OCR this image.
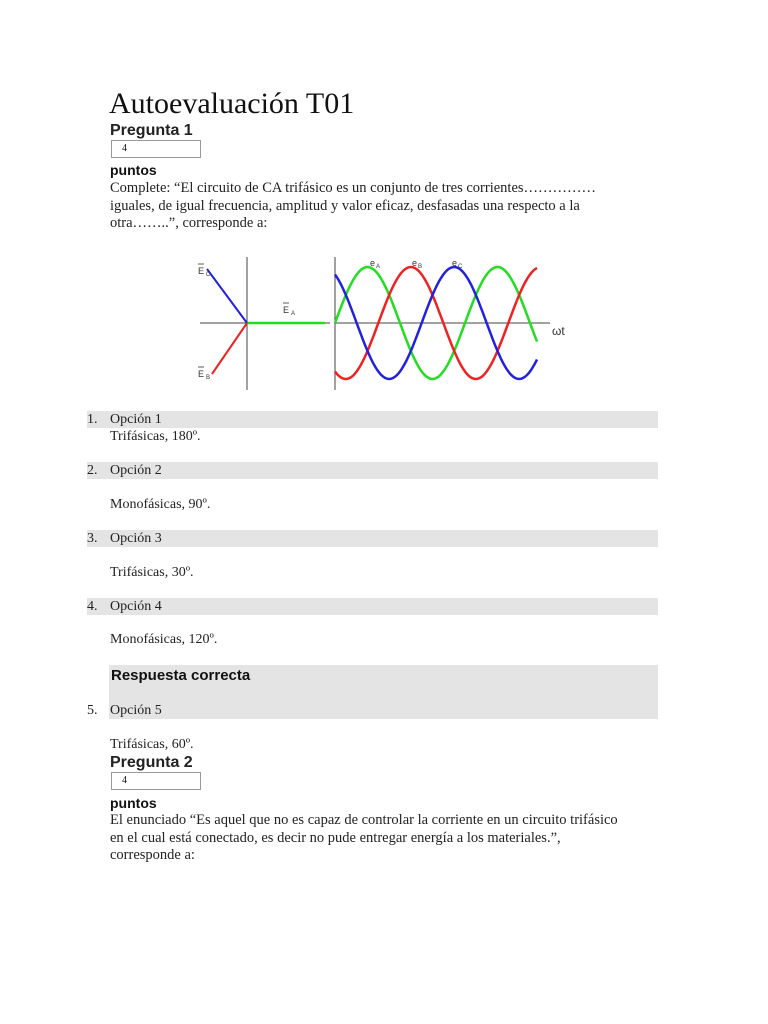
Autoevaluación T01
Pregunta 1
4
puntos

Complete: “El circuito de CA trifásico es un conjunto de tres corrientes……………
iguales, de igual frecuencia, amplitud y valor eficaz, desfasadas una respecto a la
otra……..”, corresponde a:

E C
E A
E B
e A	e B	e C
ωt
1. Opción 1
Trifásicas, 180º.
2. Opción 2
Monofásicas, 90º.
3. Opción 3
Trifásicas, 30º.
4. Opción 4
Monofásicas, 120º.
Respuesta correcta
5. Opción 5
Trifásicas, 60º.
Pregunta 2
4
puntos

El enunciado “Es aquel que no es capaz de controlar la corriente en un circuito trifásico
en el cual está conectado, es decir no pude entregar energía a los materiales.”,
corresponde a:
